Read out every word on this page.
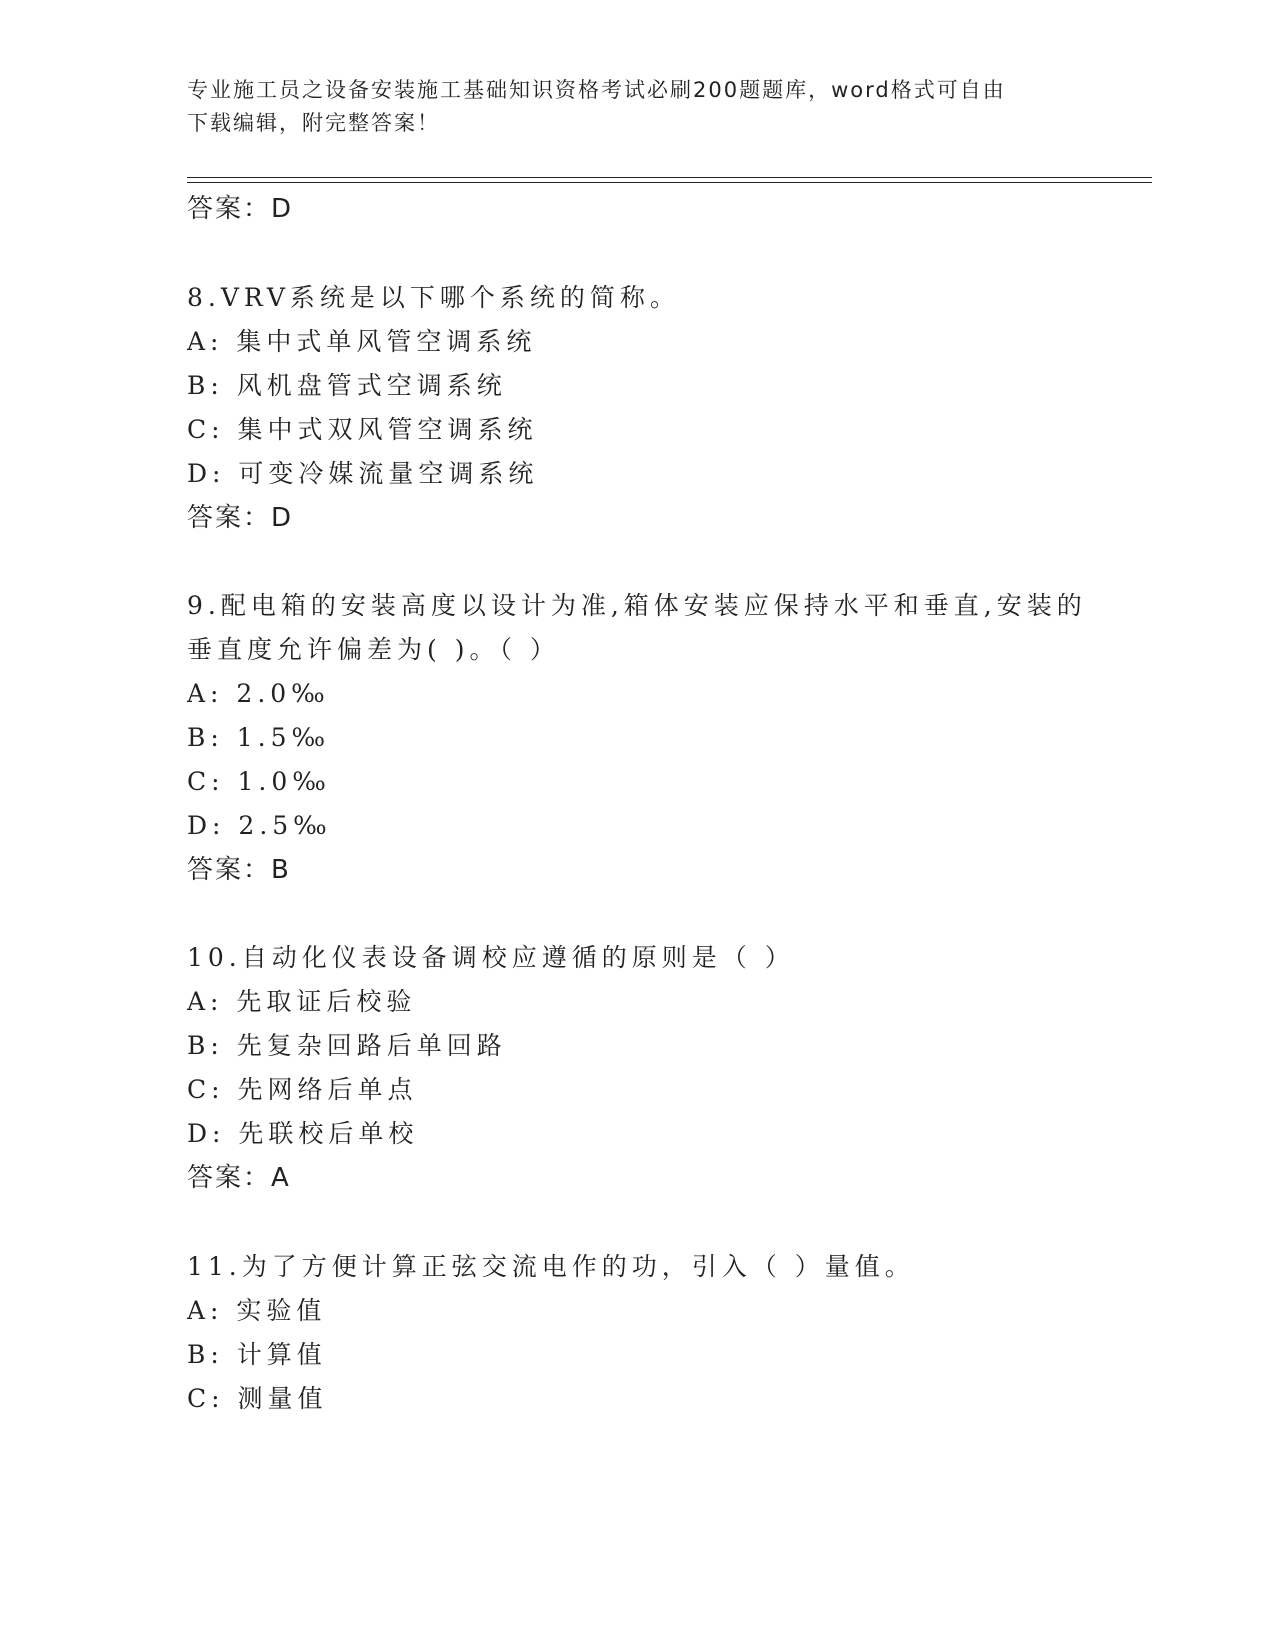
专业施工员之设备安装施工基础知识资格考试必刷200题题库，word格式可自由
下载编辑，附完整答案！
答案：D
8.VRV系统是以下哪个系统的简称。
A: 集中式单风管空调系统
B: 风机盘管式空调系统
C: 集中式双风管空调系统
D: 可变冷媒流量空调系统
答案：D
9.配电箱的安装高度以设计为准,箱体安装应保持水平和垂直,安装的
垂直度允许偏差为( )。（ ）
A: 2.0‰
B: 1.5‰
C: 1.0‰
D: 2.5‰
答案：B
10.自动化仪表设备调校应遵循的原则是（ ）
A: 先取证后校验
B: 先复杂回路后单回路
C: 先网络后单点
D: 先联校后单校
答案：A
11.为了方便计算正弦交流电作的功，引入（ ）量值。
A: 实验值
B: 计算值
C: 测量值
